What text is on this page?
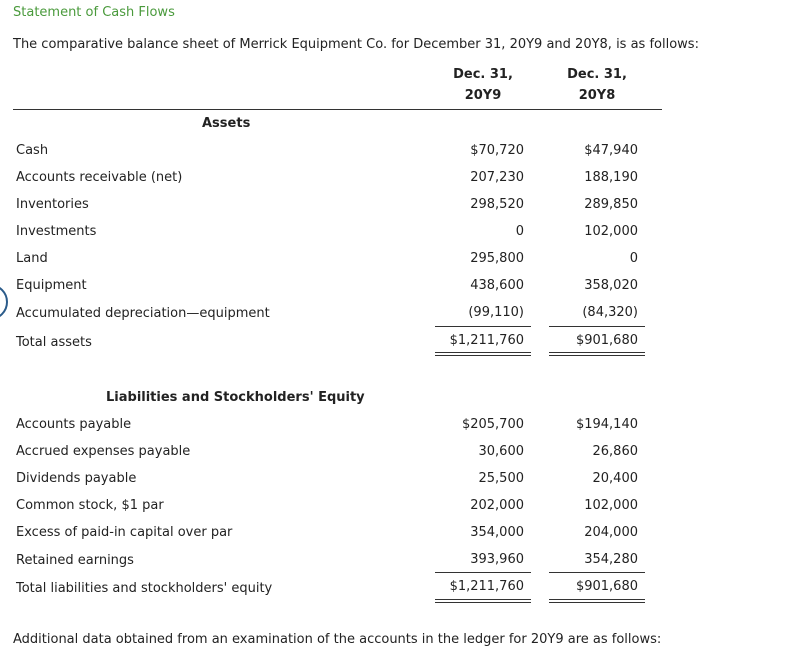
Statement of Cash Flows
The comparative balance sheet of Merrick Equipment Co. for December 31, 20Y9 and 20Y8, is as follows:
Dec. 31,
20Y9
Dec. 31,
20Y8
Assets
Cash	$70,720	$47,940
Accounts receivable (net)	207,230	188,190
Inventories	298,520	289,850
Investments	0	102,000
Land	295,800	0
Equipment	438,600	358,020
Accumulated depreciation—equipment	(99,110)	(84,320)
Total assets	$1,211,760	$901,680
Liabilities and Stockholders' Equity
Accounts payable	$205,700	$194,140
Accrued expenses payable	30,600	26,860
Dividends payable	25,500	20,400
Common stock, $1 par	202,000	102,000
Excess of paid-in capital over par	354,000	204,000
Retained earnings	393,960	354,280
Total liabilities and stockholders' equity	$1,211,760	$901,680
Additional data obtained from an examination of the accounts in the ledger for 20Y9 are as follows:
